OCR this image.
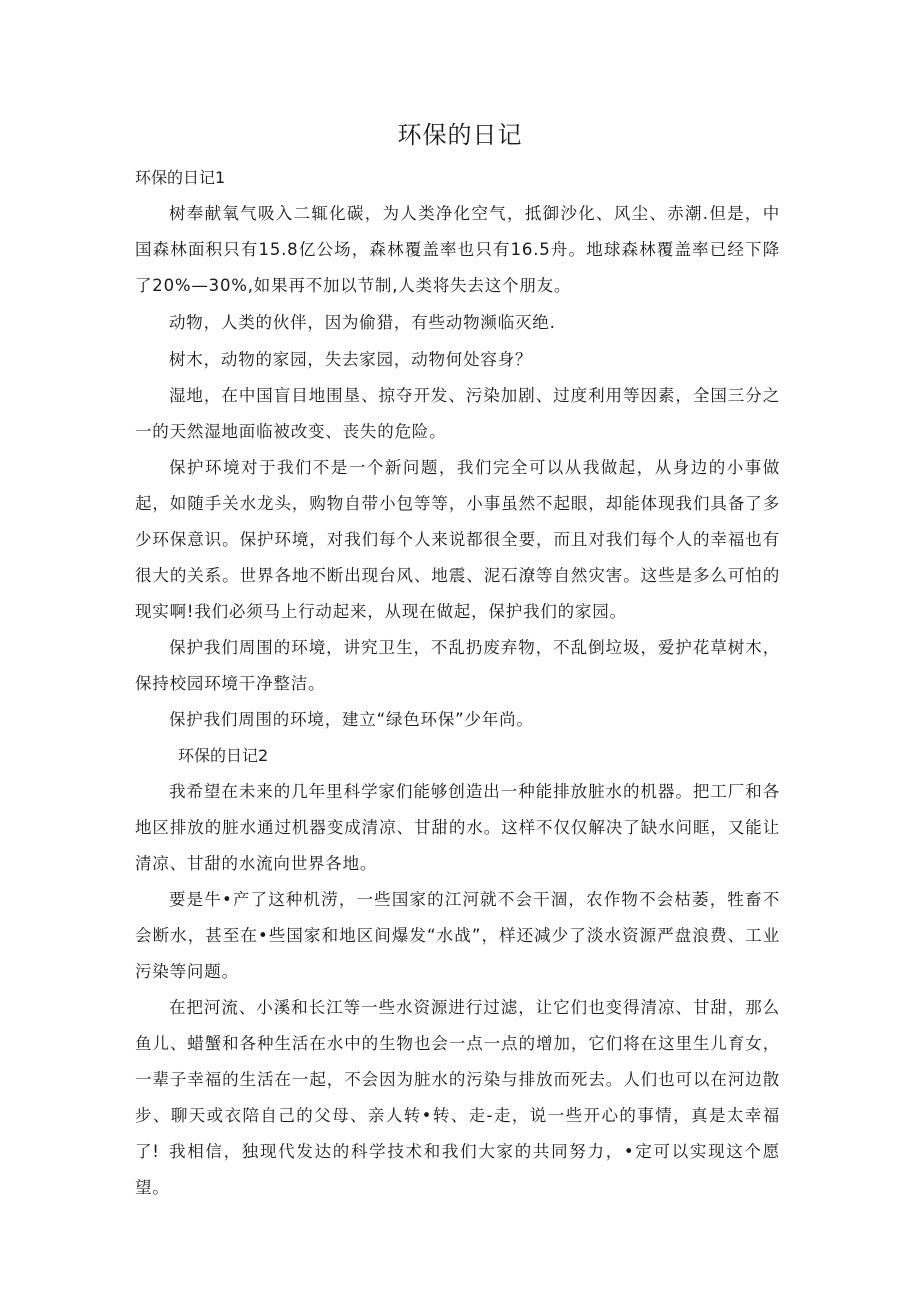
环保的日记
环保的日记1

树奉献氧气吸入二辄化碳，为人类净化空气，抵御沙化、风尘、赤潮.但是，中国森林面积只有15.8亿公场，森林覆盖率也只有16.5舟。地球森林覆盖率已经下降了20%—30%,如果再不加以节制,人类将失去这个朋友。

动物，人类的伙伴，因为偷猎，有些动物濒临灭绝.

树木，动物的家园，失去家园，动物何处容身？

湿地，在中国盲目地围垦、掠夺开发、污染加剧、过度利用等因素，全国三分之一的天然湿地面临被改变、丧失的危险。

保护环境对于我们不是一个新问题，我们完全可以从我做起，从身边的小事做起，如随手关水龙头，购物自带小包等等，小事虽然不起眼，却能体现我们具备了多少环保意识。保护环境，对我们每个人来说都很全要，而且对我们每个人的幸福也有很大的关系。世界各地不断出现台风、地震、泥石潦等自然灾害。这些是多么可怕的现实啊!我们必须马上行动起来，从现在做起，保护我们的家园。

保护我们周围的环境，讲究卫生，不乱扔废弃物，不乱倒垃圾，爱护花草树木，保持校园环境干净整洁。

保护我们周围的环境，建立“绿色环保”少年尚。

环保的日记2

我希望在未来的几年里科学家们能够创造出一种能排放脏水的机器。把工厂和各地区排放的脏水通过机器变成清凉、甘甜的水。这样不仅仅解决了缺水问眶，又能让清凉、甘甜的水流向世界各地。

要是牛•产了这种机涝，一些国家的江河就不会干涸，农作物不会枯萎，牲畜不会断水，甚至在•些国家和地区间爆发“水战”，样还减少了淡水资源严盘浪费、工业污染等问题。

在把河流、小溪和长江等一些水资源进行过滤，让它们也变得清凉、甘甜，那么鱼儿、蜡蟹和各种生活在水中的生物也会一点一点的增加，它们将在这里生儿育女，一辈子幸福的生活在一起，不会因为脏水的污染与排放而死去。人们也可以在河边散步、聊天或衣陪自己的父母、亲人转•转、走-走，说一些开心的事情，真是太幸福了! 我相信，独现代发达的科学技术和我们大家的共同努力，•定可以实现这个愿望。
